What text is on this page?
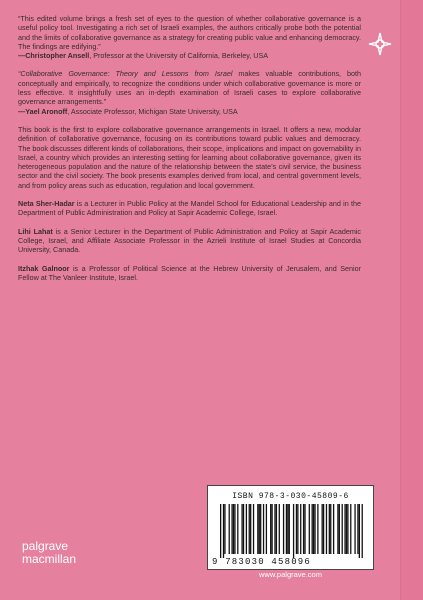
“This edited volume brings a fresh set of eyes to the question of whether collaborative governance is a useful policy tool. Investigating a rich set of Israeli examples, the authors critically probe both the potential and the limits of collaborative governance as a strategy for creating public value and enhancing democracy. The findings are edifying.”

—Christopher Ansell, Professor at the University of California, Berkeley, USA

“Collaborative Governance: Theory and Lessons from Israel makes valuable contributions, both conceptually and empirically, to recognize the conditions under which collaborative governance is more or less effective. It insightfully uses an in-depth examination of Israeli cases to explore collaborative governance arrangements.”

—Yael Aronoff, Associate Professor, Michigan State University, USA

This book is the first to explore collaborative governance arrangements in Israel. It offers a new, modular definition of collaborative governance, focusing on its contributions toward public values and democracy. The book discusses different kinds of collaborations, their scope, implications and impact on governability in Israel, a country which provides an interesting setting for learning about collaborative governance, given its heterogeneous population and the nature of the relationship between the state’s civil service, the business sector and the civil society. The book presents examples derived from local, and central government levels, and from policy areas such as education, regulation and local government.

Neta Sher-Hadar is a Lecturer in Public Policy at the Mandel School for Educational Leadership and in the Department of Public Administration and Policy at Sapir Academic College, Israel.

Lihi Lahat is a Senior Lecturer in the Department of Public Administration and Policy at Sapir Academic College, Israel, and Affiliate Associate Professor in the Azrieli Institute of Israel Studies at Concordia University, Canada.

Itzhak Galnoor is a Professor of Political Science at the Hebrew University of Jerusalem, and Senior Fellow at The Vanleer Institute, Israel.

ISBN 978-3-030-45809-6
9 783030 458096
www.palgrave.com
palgrave
macmillan
